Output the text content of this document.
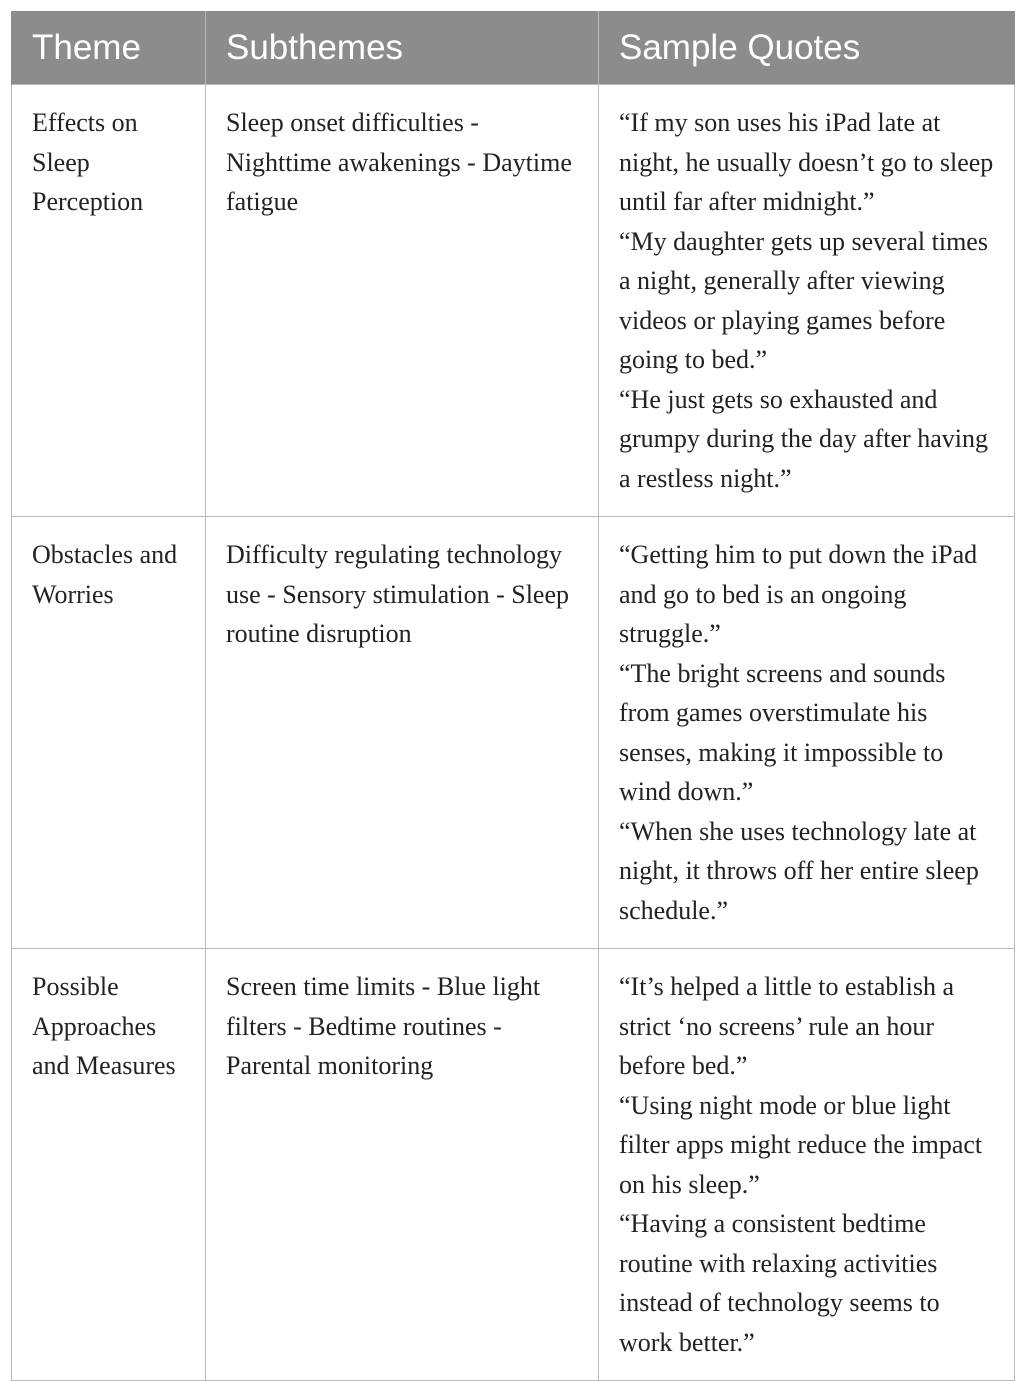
Theme	Subthemes	Sample Quotes
Effects on Sleep Perception	Sleep onset difficulties - Nighttime awakenings - Daytime fatigue	“If my son uses his iPad late at night, he usually doesn’t go to sleep until far after midnight.”
“My daughter gets up several times a night, generally after viewing videos or playing games before going to bed.”
“He just gets so exhausted and grumpy during the day after having a restless night.”

Obstacles and Worries	Difficulty regulating technology use - Sensory stimulation - Sleep routine disruption	“Getting him to put down the iPad and go to bed is an ongoing struggle.”
“The bright screens and sounds from games overstimulate his senses, making it impossible to wind down.”
“When she uses technology late at night, it throws off her entire sleep schedule.”

Possible Approaches and Measures	Screen time limits - Blue light filters - Bedtime routines - Parental monitoring	“It’s helped a little to establish a strict ‘no screens’ rule an hour before bed.”
“Using night mode or blue light filter apps might reduce the impact on his sleep.”
“Having a consistent bedtime routine with relaxing activities instead of technology seems to work better.”
